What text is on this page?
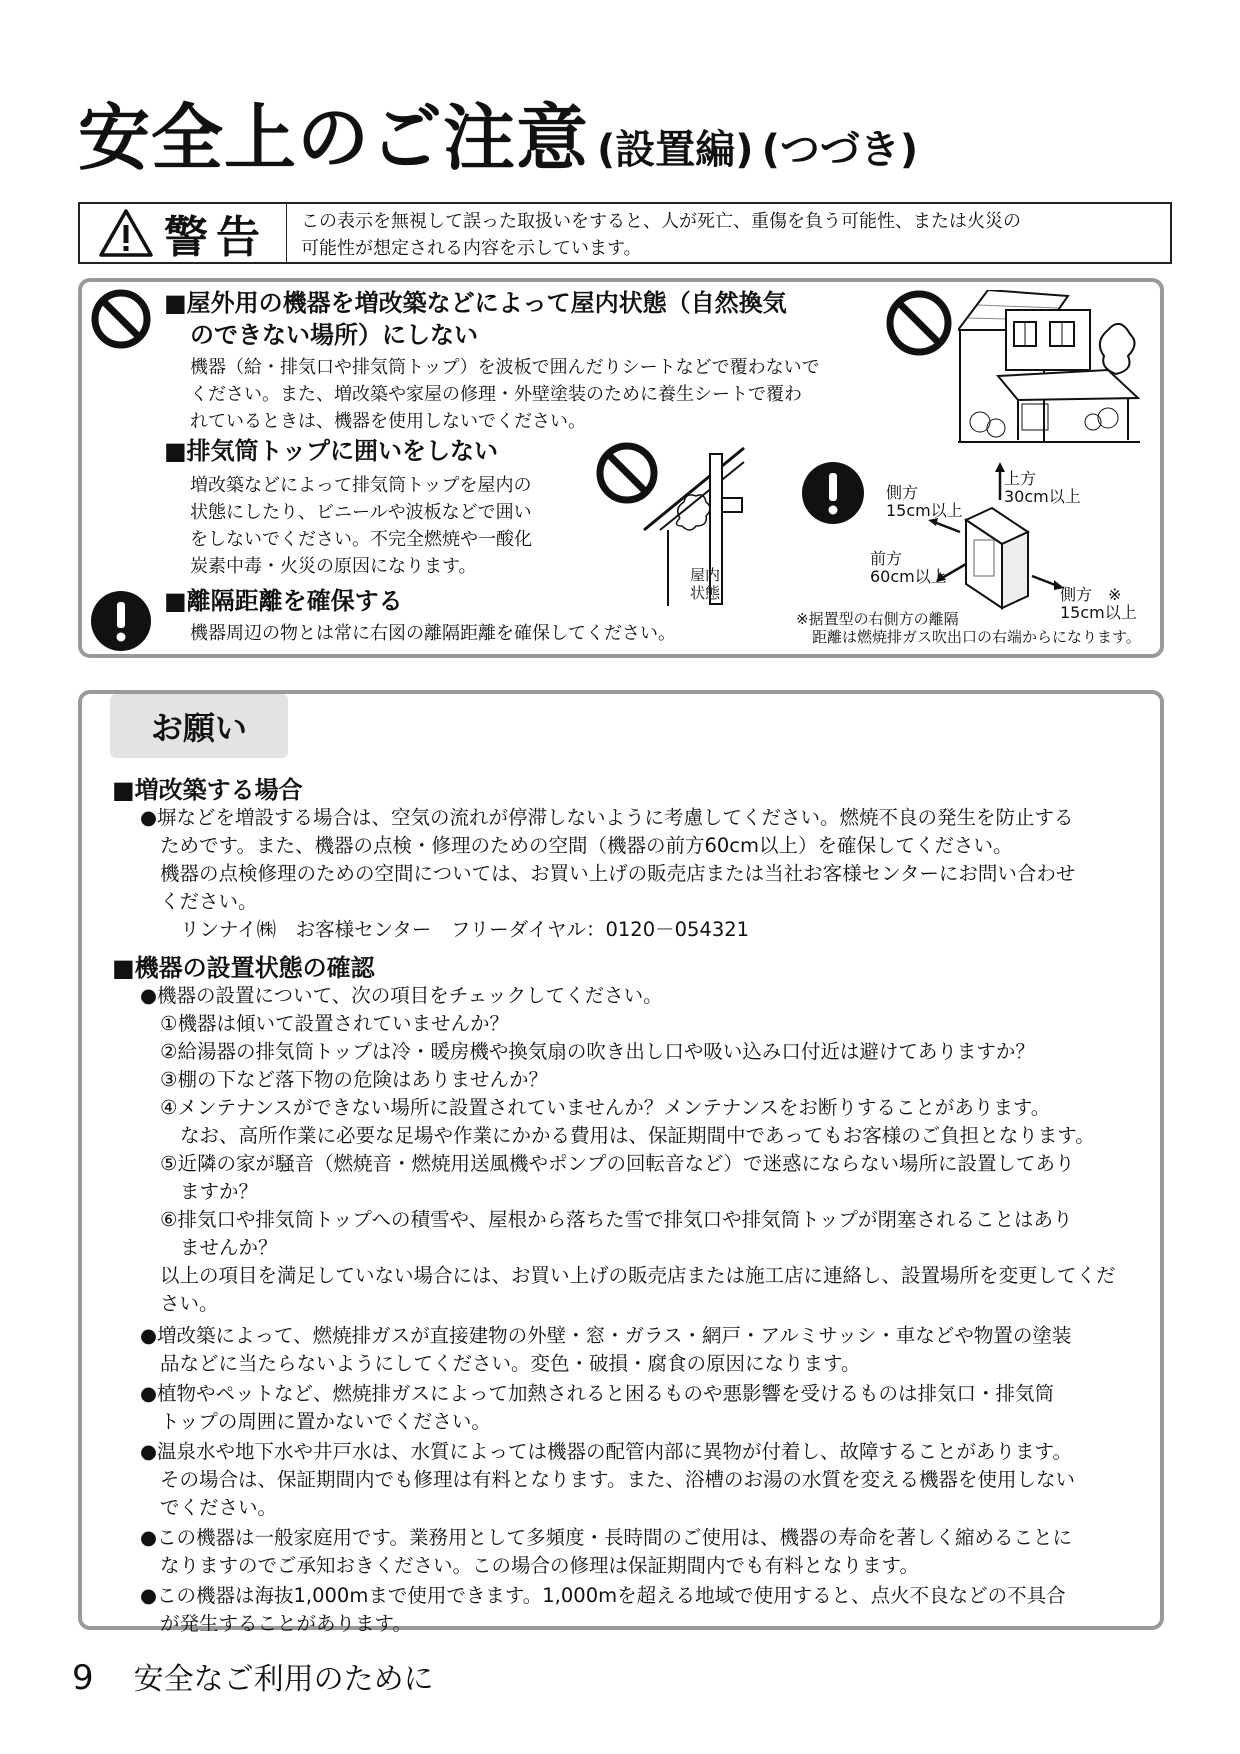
安全上のご注意 (設置編) (つづき)
警告 この表示を無視して誤った取扱いをすると、人が死亡、重傷を負う可能性、または火災の
可能性が想定される内容を示しています。
■屋外用の機器を増改築などによって屋内状態（自然換気
のできない場所）にしない
機器（給・排気口や排気筒トップ）を波板で囲んだりシートなどで覆わないで
ください。また、増改築や家屋の修理・外壁塗装のために養生シートで覆わ
れているときは、機器を使用しないでください。
■排気筒トップに囲いをしない
増改築などによって排気筒トップを屋内の
状態にしたり、ビニールや波板などで囲い
をしないでください。不完全燃焼や一酸化
炭素中毒・火災の原因になります。	屋内
状態
■離隔距離を確保する
機器周辺の物とは常に右図の離隔距離を確保してください。
上方
30cm以上
側方
15cm以上
前方
60cm以上
側方　※
15cm以上
※据置型の右側方の離隔
距離は燃焼排ガス吹出口の右端からになります。
お願い
■増改築する場合
●塀などを増設する場合は、空気の流れが停滞しないように考慮してください。燃焼不良の発生を防止する
ためです。また、機器の点検・修理のための空間（機器の前方60cm以上）を確保してください。
機器の点検修理のための空間については、お買い上げの販売店または当社お客様センターにお問い合わせ
ください。
リンナイ㈱　お客様センター　フリーダイヤル：0120－054321
■機器の設置状態の確認
●機器の設置について、次の項目をチェックしてください。
①機器は傾いて設置されていませんか？
②給湯器の排気筒トップは冷・暖房機や換気扇の吹き出し口や吸い込み口付近は避けてありますか？
③棚の下など落下物の危険はありませんか？
④メンテナンスができない場所に設置されていませんか？メンテナンスをお断りすることがあります。
なお、高所作業に必要な足場や作業にかかる費用は、保証期間中であってもお客様のご負担となります。
⑤近隣の家が騒音（燃焼音・燃焼用送風機やポンプの回転音など）で迷惑にならない場所に設置してあり
ますか？
⑥排気口や排気筒トップへの積雪や、屋根から落ちた雪で排気口や排気筒トップが閉塞されることはあり
ませんか？
以上の項目を満足していない場合には、お買い上げの販売店または施工店に連絡し、設置場所を変更してくだ
さい。
●増改築によって、燃焼排ガスが直接建物の外壁・窓・ガラス・網戸・アルミサッシ・車などや物置の塗装
品などに当たらないようにしてください。変色・破損・腐食の原因になります。
●植物やペットなど、燃焼排ガスによって加熱されると困るものや悪影響を受けるものは排気口・排気筒
トップの周囲に置かないでください。
●温泉水や地下水や井戸水は、水質によっては機器の配管内部に異物が付着し、故障することがあります。
その場合は、保証期間内でも修理は有料となります。また、浴槽のお湯の水質を変える機器を使用しない
でください。
●この機器は一般家庭用です。業務用として多頻度・長時間のご使用は、機器の寿命を著しく縮めることに
なりますのでご承知おきください。この場合の修理は保証期間内でも有料となります。
●この機器は海抜1,000mまで使用できます。1,000mを超える地域で使用すると、点火不良などの不具合
が発生することがあります。
9 安全なご利用のために
